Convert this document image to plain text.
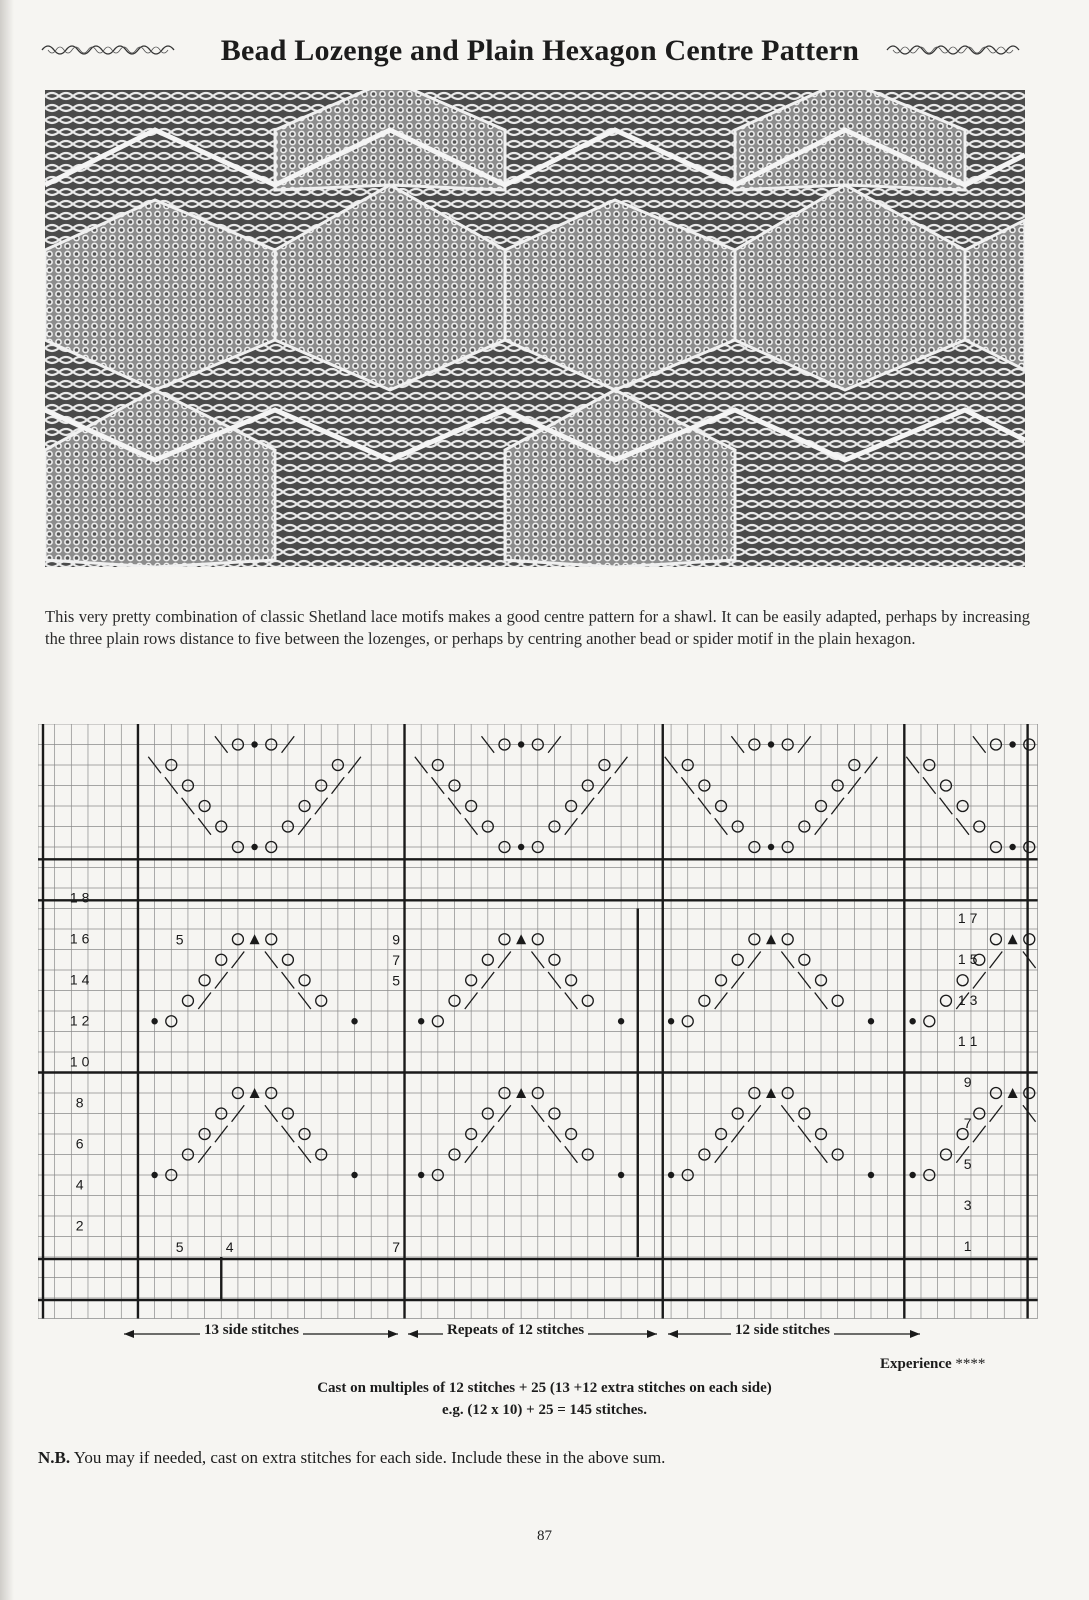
Bead Lozenge and Plain Hexagon Centre Pattern
This very pretty combination of classic Shetland lace motifs makes a good centre pattern for a shawl. It can be easily adapted, perhaps by increasing the three plain rows distance to five between the lozenges, or perhaps by centring another bead or spider motif in the plain hexagon.
1 8
1 6
1 4
1 2
1 0
8
6
4
2
1 7
1 5
1 3
1 1
9
7
5
3
1
5	9
7
5
5	7
4
13 side stitches	Repeats of 12 stitches	12 side stitches
Experience ****
Cast on multiples of 12 stitches + 25 (13 +12 extra stitches on each side)
e.g. (12 x 10) + 25 = 145 stitches.
N.B. You may if needed, cast on extra stitches for each side. Include these in the above sum.
87
